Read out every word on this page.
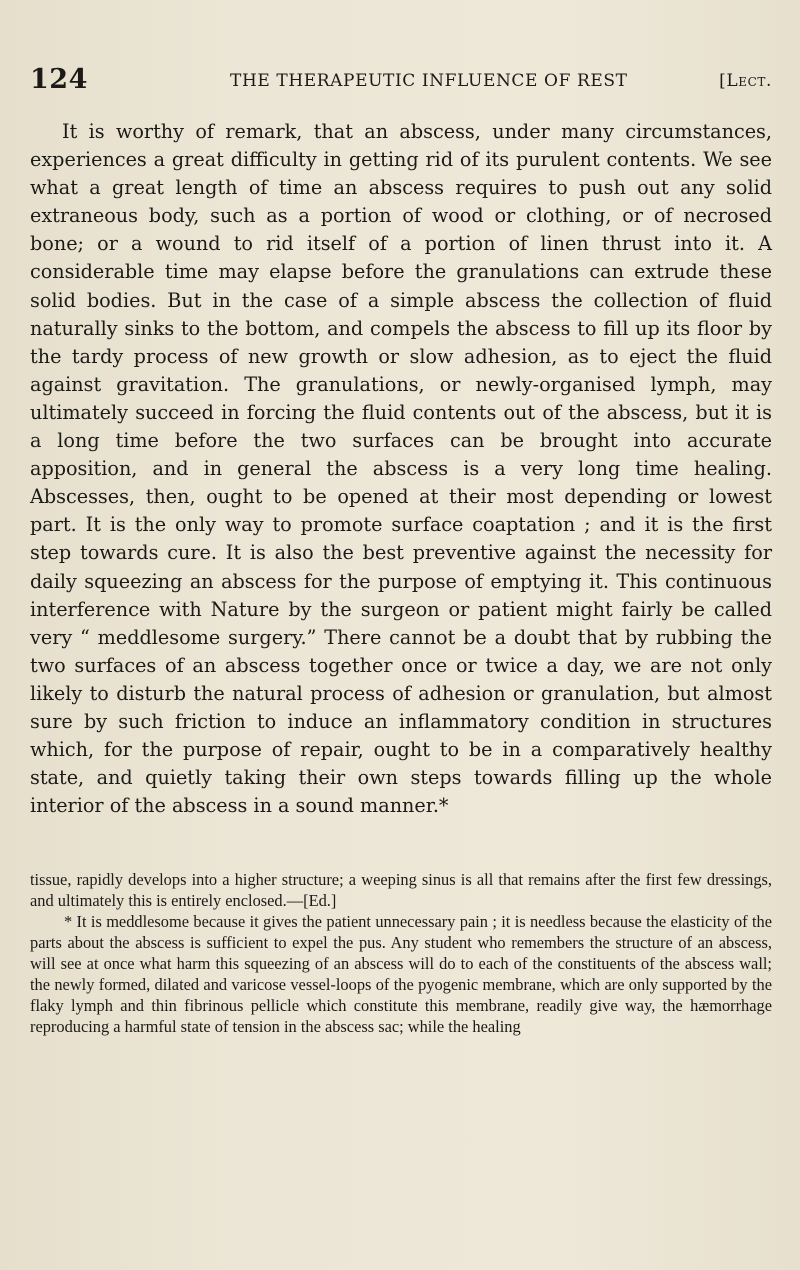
124	THE THERAPEUTIC INFLUENCE OF REST	[Lect.

It is worthy of remark, that an abscess, under many circumstances, experiences a great difficulty in getting rid of its purulent contents. We see what a great length of time an abscess requires to push out any solid extraneous body, such as a portion of wood or clothing, or of necrosed bone; or a wound to rid itself of a portion of linen thrust into it. A considerable time may elapse before the granulations can extrude these solid bodies. But in the case of a simple abscess the collection of fluid naturally sinks to the bottom, and compels the abscess to fill up its floor by the tardy process of new growth or slow adhesion, as to eject the fluid against gravitation. The granulations, or newly-organised lymph, may ultimately succeed in forcing the fluid contents out of the abscess, but it is a long time before the two surfaces can be brought into accurate apposition, and in general the abscess is a very long time healing. Abscesses, then, ought to be opened at their most depending or lowest part. It is the only way to promote surface coaptation ; and it is the first step towards cure. It is also the best preventive against the necessity for daily squeezing an abscess for the purpose of emptying it. This continuous interference with Nature by the surgeon or patient might fairly be called very “ meddlesome surgery.” There cannot be a doubt that by rubbing the two surfaces of an abscess together once or twice a day, we are not only likely to disturb the natural process of adhesion or granulation, but almost sure by such friction to induce an inflammatory condition in structures which, for the purpose of repair, ought to be in a comparatively healthy state, and quietly taking their own steps towards filling up the whole interior of the abscess in a sound manner.*

tissue, rapidly develops into a higher structure; a weeping sinus is all that remains after the first few dressings, and ultimately this is entirely enclosed.—[Ed.]

* It is meddlesome because it gives the patient unnecessary pain ; it is needless because the elasticity of the parts about the abscess is sufficient to expel the pus. Any student who remembers the structure of an abscess, will see at once what harm this squeezing of an abscess will do to each of the constituents of the abscess wall; the newly formed, dilated and varicose vessel-loops of the pyogenic membrane, which are only supported by the flaky lymph and thin fibrinous pellicle which constitute this membrane, readily give way, the hæmorrhage reproducing a harmful state of tension in the abscess sac; while the healing
